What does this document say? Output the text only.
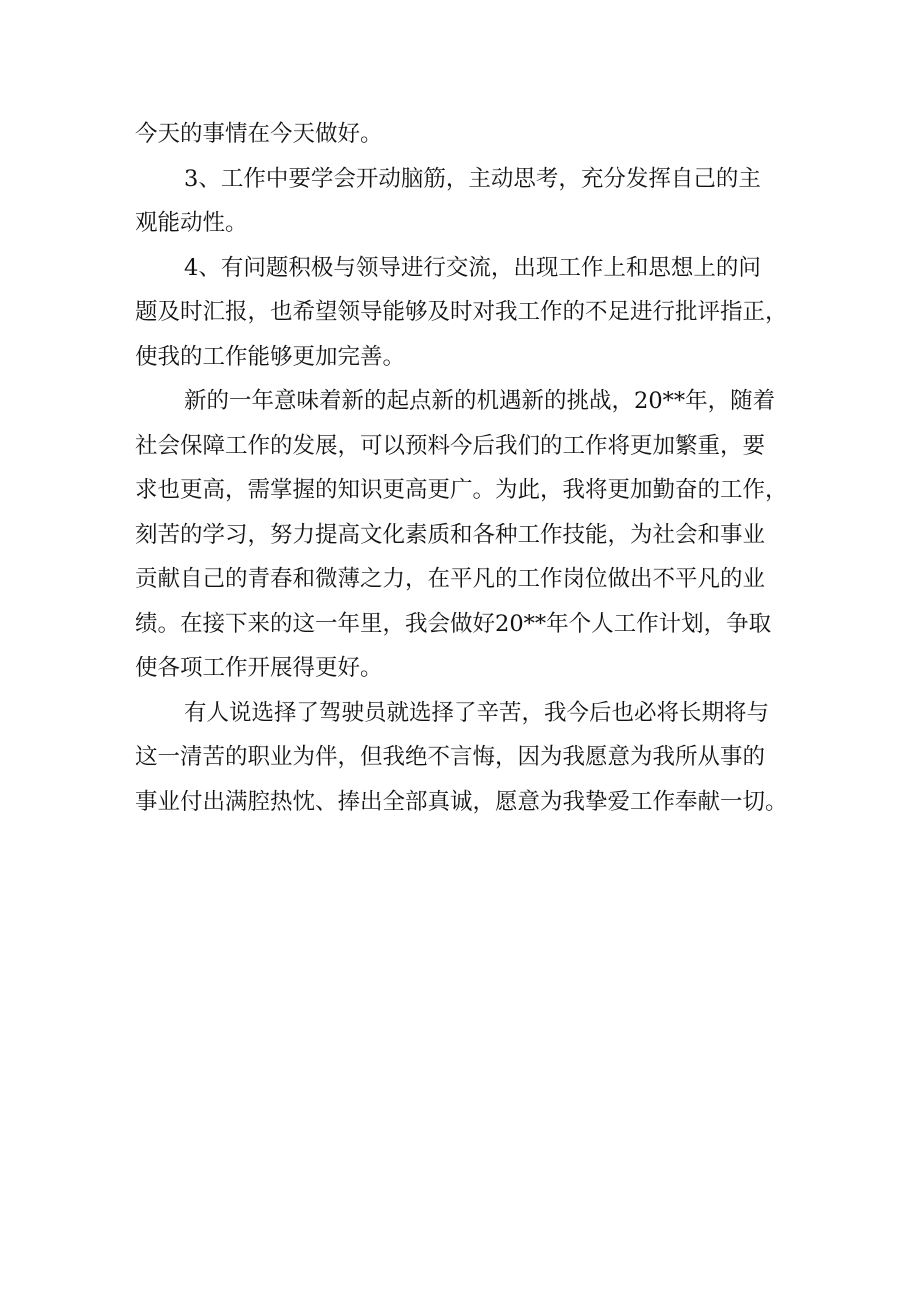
今天的事情在今天做好。
3、工作中要学会开动脑筋，主动思考，充分发挥自己的主
观能动性。
4、有问题积极与领导进行交流，出现工作上和思想上的问
题及时汇报，也希望领导能够及时对我工作的不足进行批评指正，
使我的工作能够更加完善。
新的一年意味着新的起点新的机遇新的挑战，20**年，随着
社会保障工作的发展，可以预料今后我们的工作将更加繁重，要
求也更高，需掌握的知识更高更广。为此，我将更加勤奋的工作，
刻苦的学习，努力提高文化素质和各种工作技能，为社会和事业
贡献自己的青春和微薄之力，在平凡的工作岗位做出不平凡的业
绩。在接下来的这一年里，我会做好20**年个人工作计划，争取
使各项工作开展得更好。
有人说选择了驾驶员就选择了辛苦，我今后也必将长期将与
这一清苦的职业为伴，但我绝不言悔，因为我愿意为我所从事的
事业付出满腔热忱、捧出全部真诚，愿意为我挚爱工作奉献一切。
